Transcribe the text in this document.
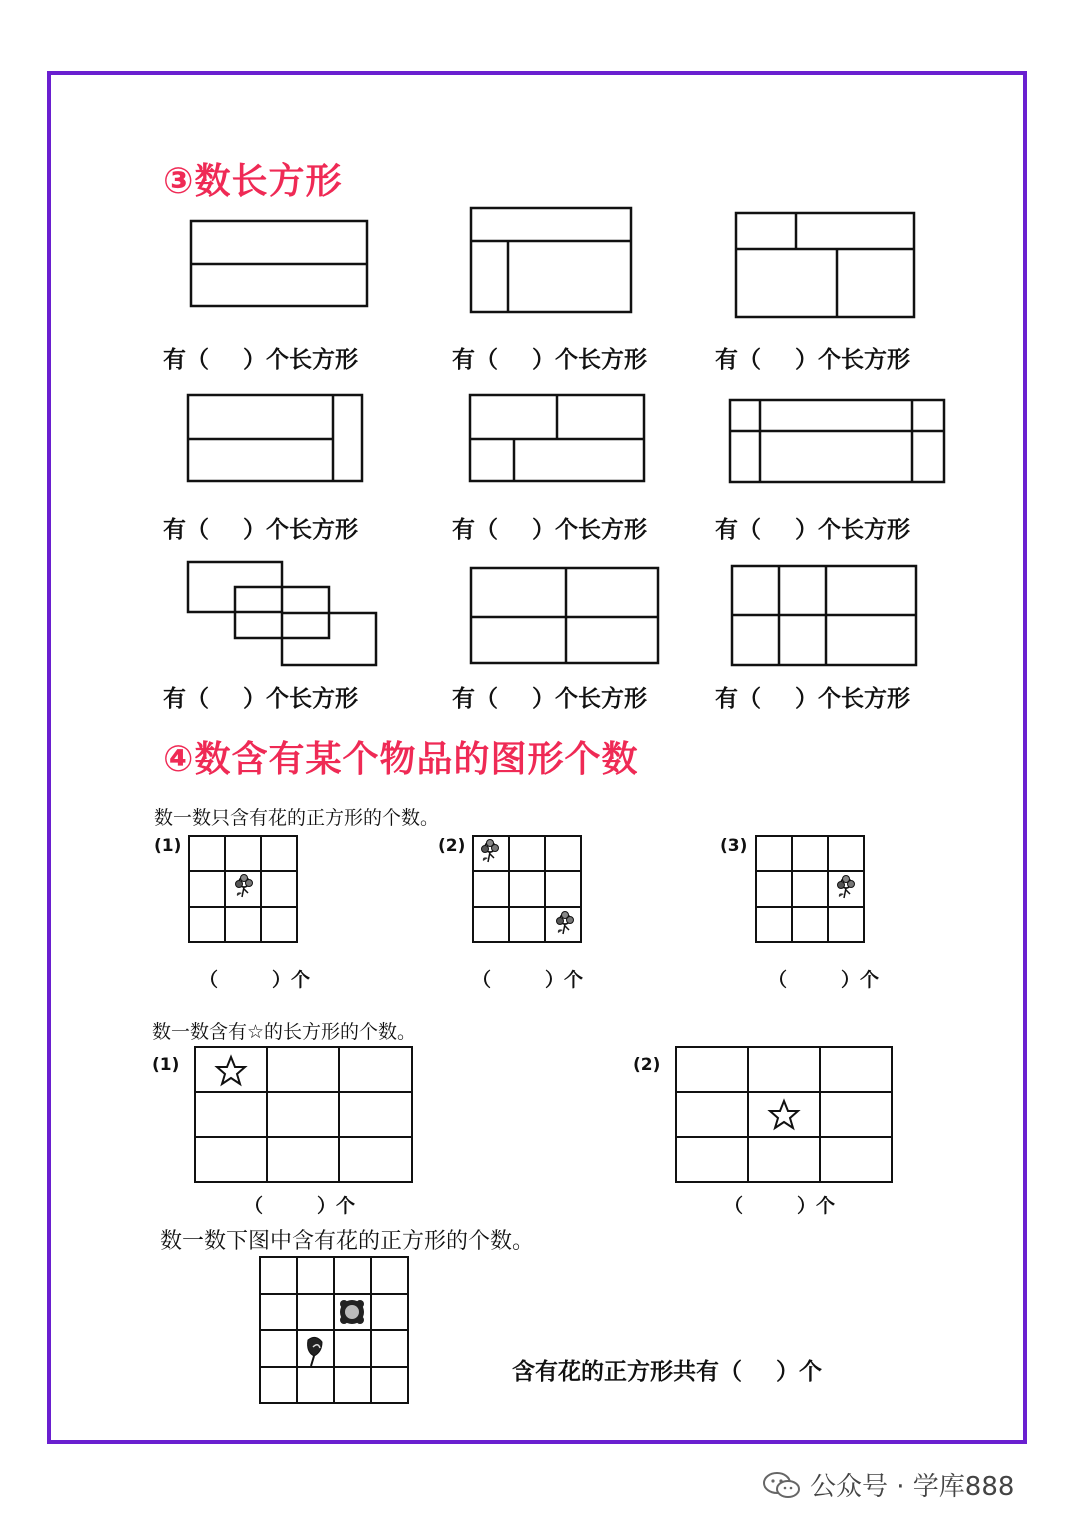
③数长方形
有（ ）个长方形	有（ ）个长方形	有（ ）个长方形
有（ ）个长方形	有（ ）个长方形	有（ ）个长方形
有（ ）个长方形	有（ ）个长方形	有（ ）个长方形
④数含有某个物品的图形个数
数一数只含有花的正方形的个数。
(1)	(2)	(3)
（	）个	（	）个	（	）个
数一数含有☆的长方形的个数。
(1)	(2)
（	）个	（	）个
数一数下图中含有花的正方形的个数。
含有花的正方形共有（ ）个
公众号 · 学库888
